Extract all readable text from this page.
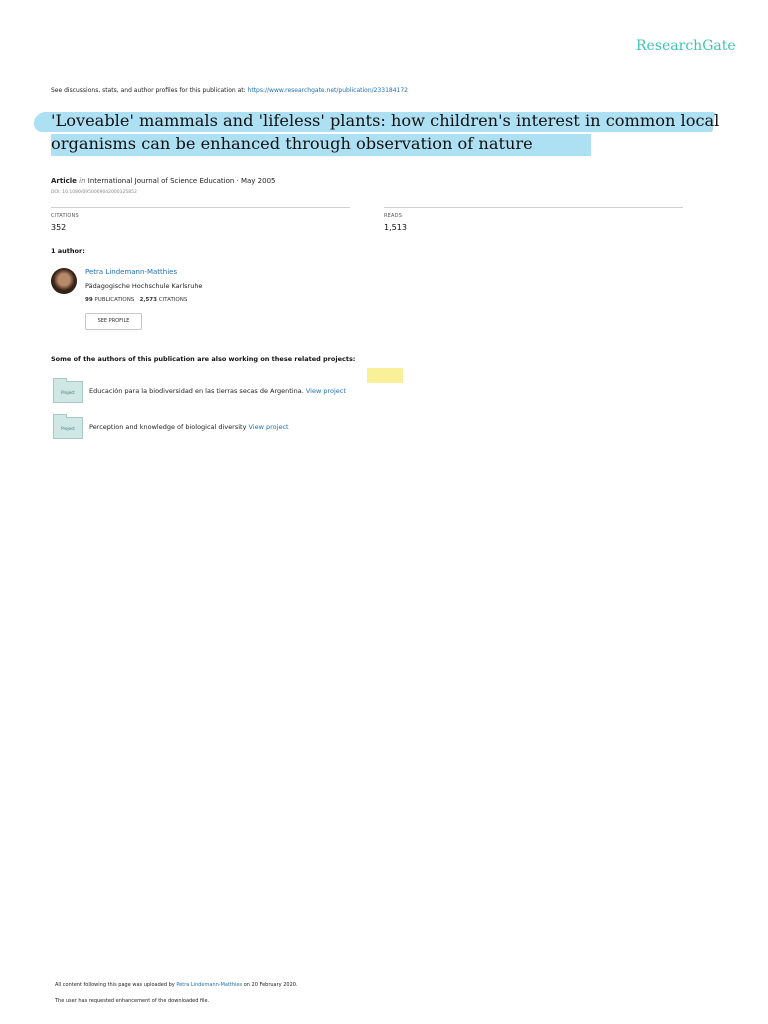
ResearchGate
See discussions, stats, and author profiles for this publication at: https://www.researchgate.net/publication/233184172
'Loveable' mammals and 'lifeless' plants: how children's interest in common local organisms can be enhanced through observation of nature
Article in International Journal of Science Education · May 2005
DOI: 10.1080/0950069042000325852
CITATIONS
352
READS
1,513
1 author:
Petra Lindemann-Matthies
Pädagogische Hochschule Karlsruhe
99 PUBLICATIONS 2,573 CITATIONS
SEE PROFILE
Some of the authors of this publication are also working on these related projects:
Project	Educación para la biodiversidad en las tierras secas de Argentina. View project
Project	Perception and knowledge of biological diversity View project
All content following this page was uploaded by Petra Lindemann-Matthies on 20 February 2020.
The user has requested enhancement of the downloaded file.
